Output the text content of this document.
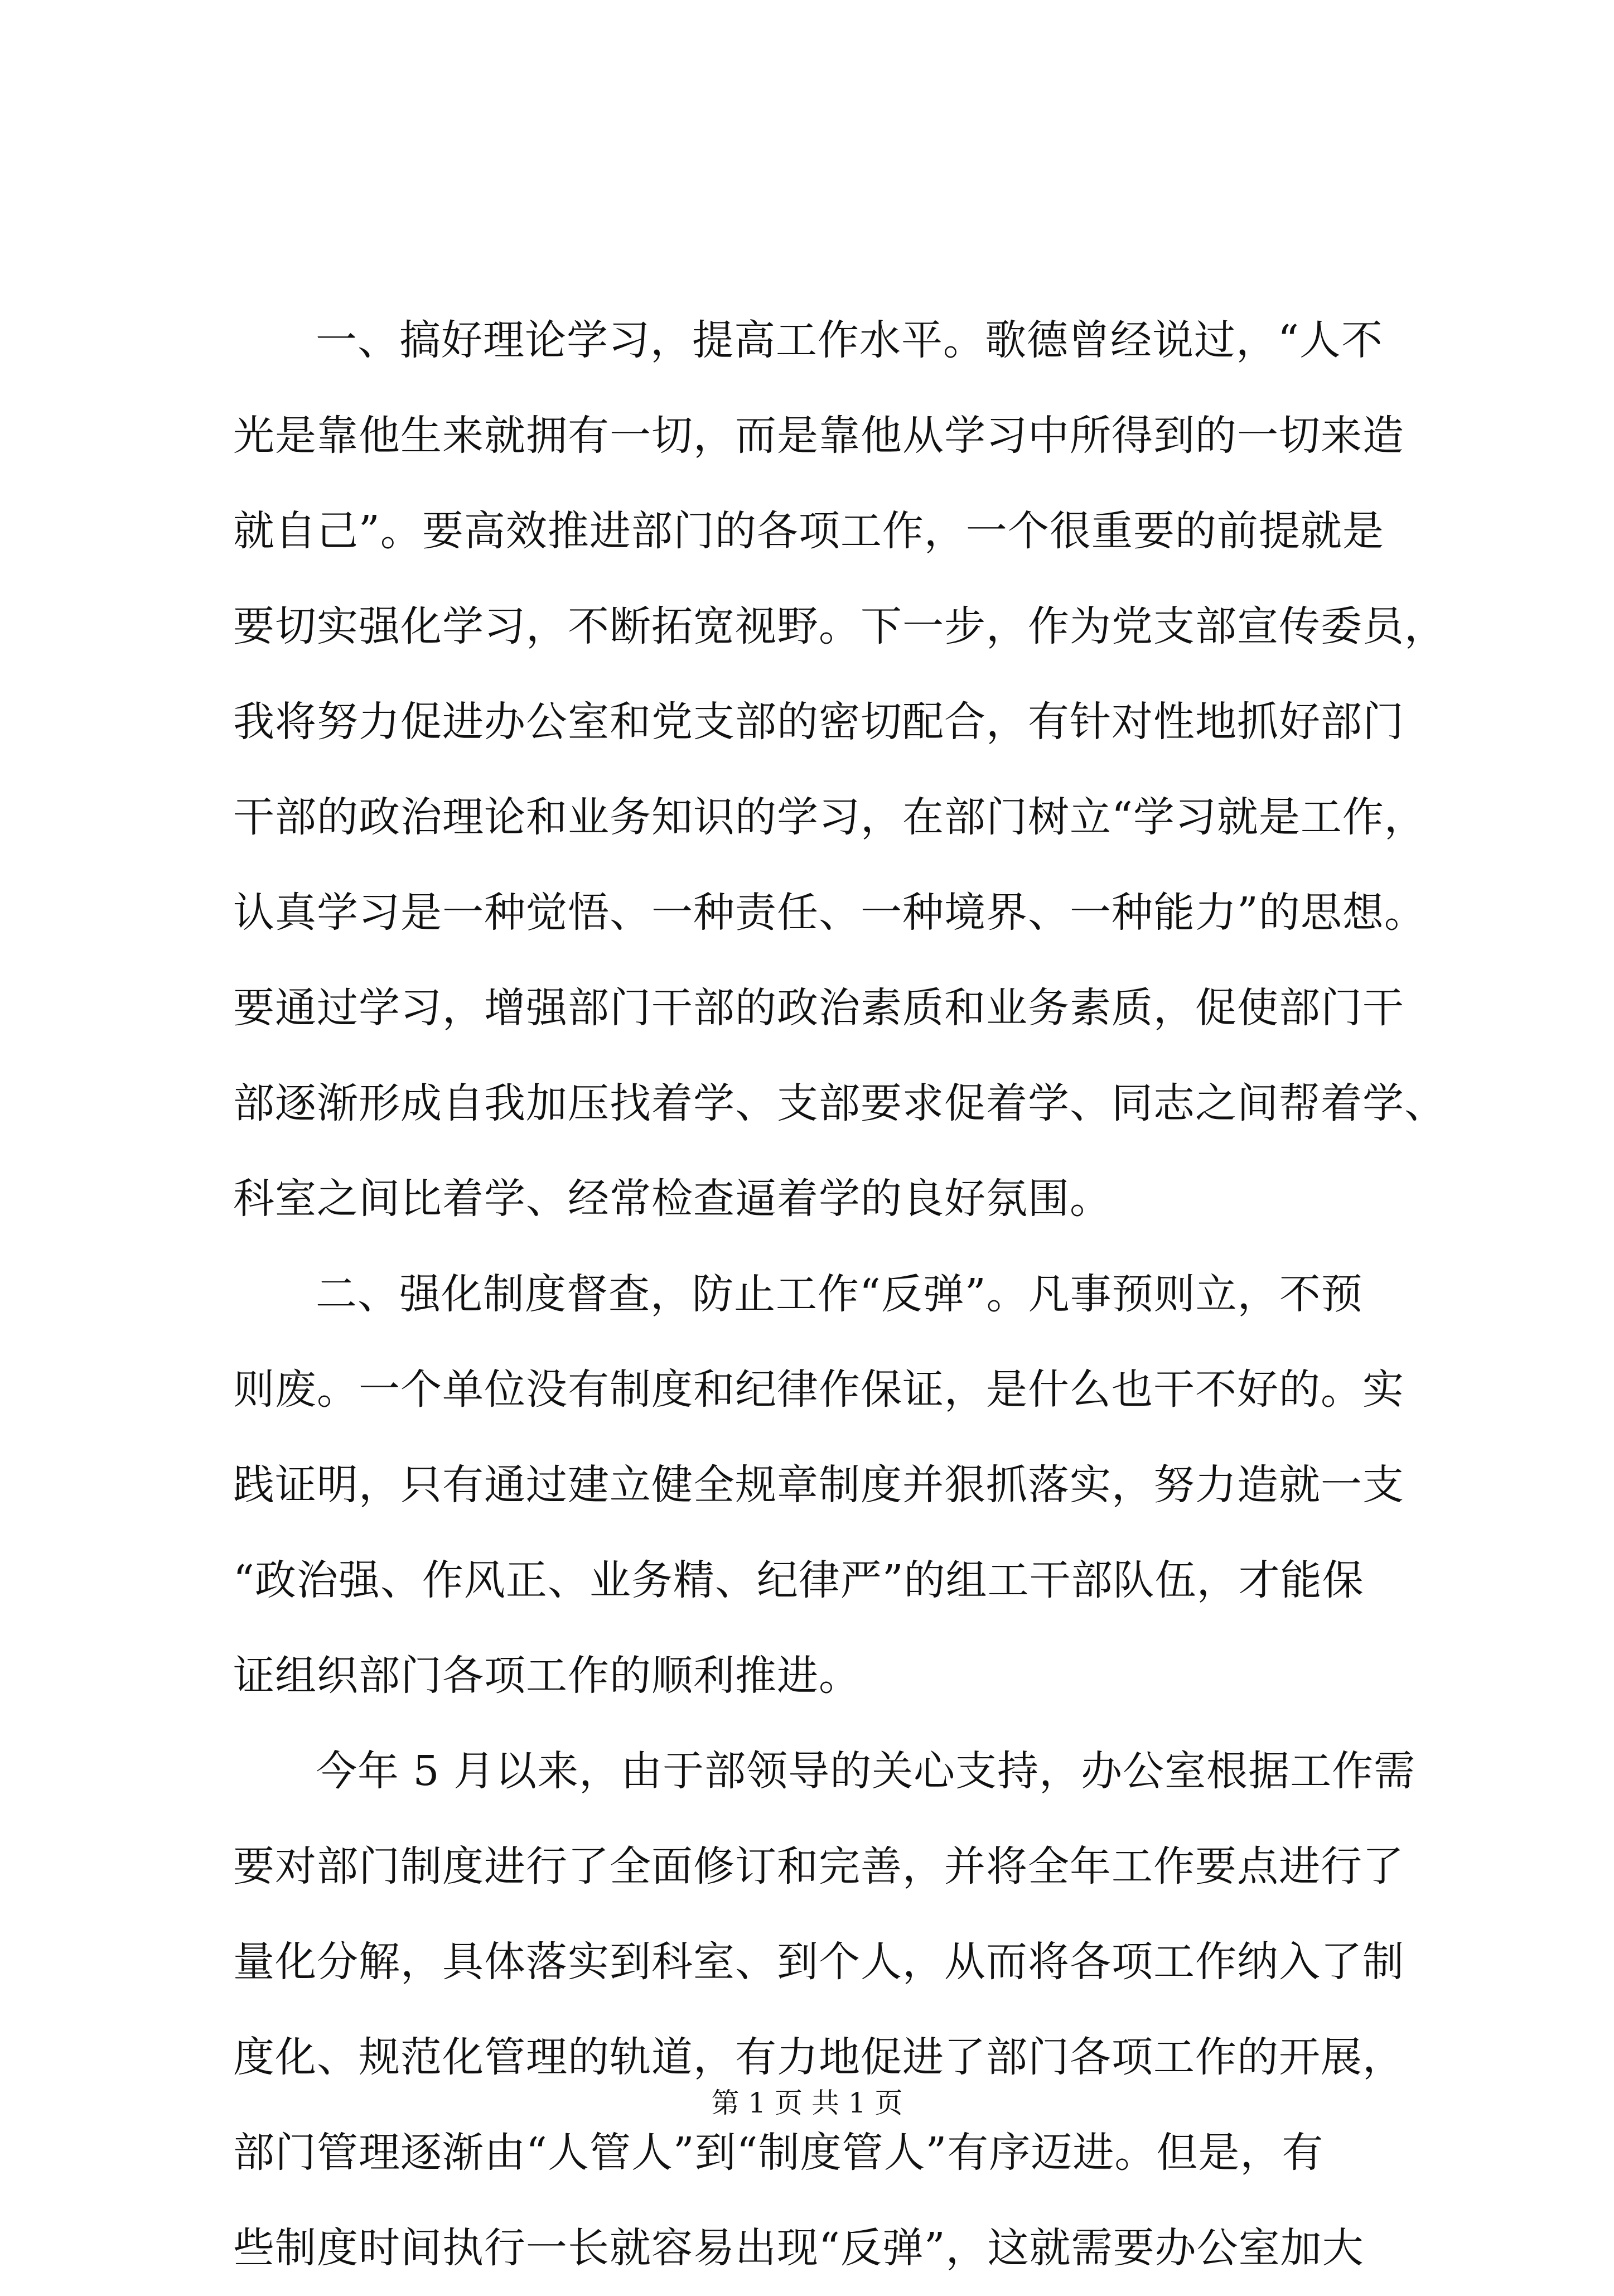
一、搞好理论学习，提高工作水平。歌德曾经说过，“人不
光是靠他生来就拥有一切，而是靠他从学习中所得到的一切来造
就自己”。要高效推进部门的各项工作，一个很重要的前提就是
要切实强化学习，不断拓宽视野。下一步，作为党支部宣传委员，
我将努力促进办公室和党支部的密切配合，有针对性地抓好部门
干部的政治理论和业务知识的学习，在部门树立“学习就是工作，
认真学习是一种觉悟、一种责任、一种境界、一种能力”的思想。
要通过学习，增强部门干部的政治素质和业务素质，促使部门干
部逐渐形成自我加压找着学、支部要求促着学、同志之间帮着学、
科室之间比着学、经常检查逼着学的良好氛围。
二、强化制度督查，防止工作“反弹”。凡事预则立，不预
则废。一个单位没有制度和纪律作保证，是什么也干不好的。实
践证明，只有通过建立健全规章制度并狠抓落实，努力造就一支
“政治强、作风正、业务精、纪律严”的组工干部队伍，才能保
证组织部门各项工作的顺利推进。
今年 5 月以来，由于部领导的关心支持，办公室根据工作需
要对部门制度进行了全面修订和完善，并将全年工作要点进行了
量化分解，具体落实到科室、到个人，从而将各项工作纳入了制
度化、规范化管理的轨道，有力地促进了部门各项工作的开展，
部门管理逐渐由“人管人”到“制度管人”有序迈进。但是，有
些制度时间执行一长就容易出现“反弹”，这就需要办公室加大
第 1 页 共 1 页
